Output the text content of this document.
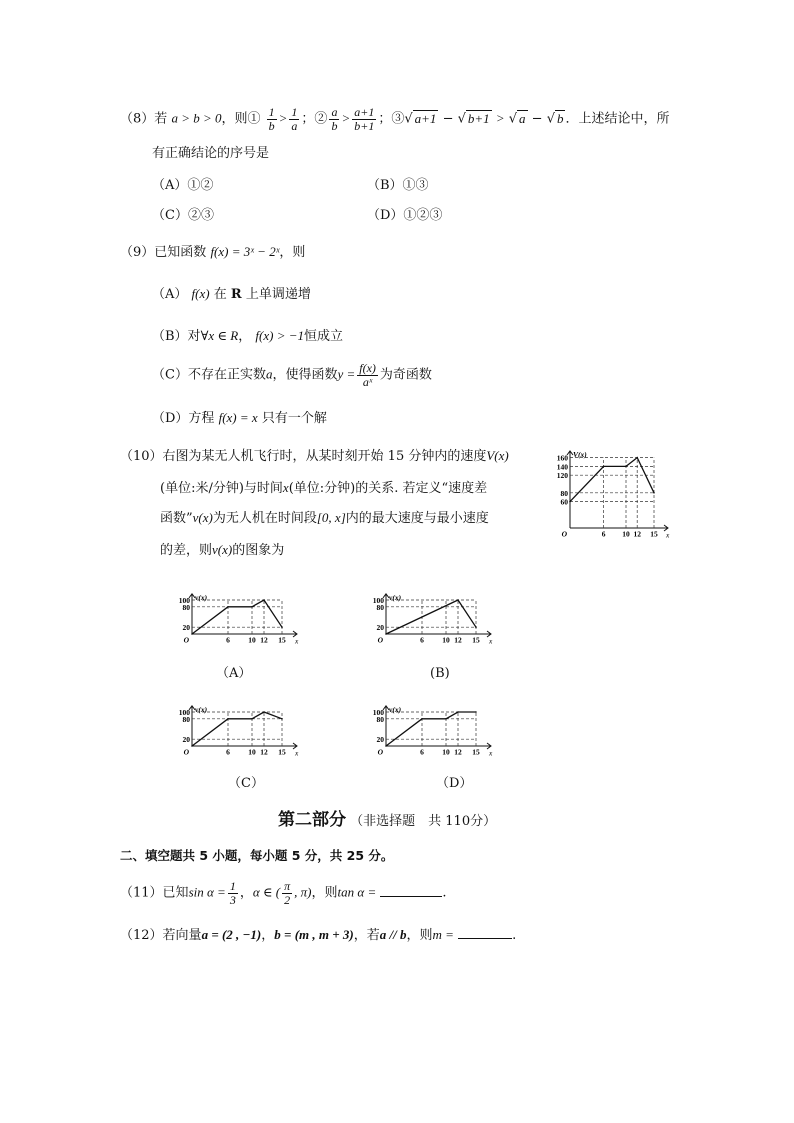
（8）若 a > b > 0，则① $\frac{1}{b} > \frac{1}{a}$ ；② $\frac{a}{b} > \frac{a+1}{b+1}$ ；③√ a+1 − √ b+1 > √ a − √ b ．上述结论中，所
有正确结论的序号是
（A）①②	（B）①③
（C）②③	（D）①②③
（9）已知函数 f(x) = 3ˣ − 2ˣ，则
（A） f(x) 在 R 上单调递增
（B）对∀x ∈ R， f(x) > −1恒成立
（C）不存在正实数a，使得函数$y = \frac{f(x)}{\text{aˣ}}$ 为奇函数
（D）方程 f(x) = x 只有一个解
（10）右图为某无人机飞行时，从某时刻开始 15 分钟内的速度V(x)
(单位:米/分钟)与时间x(单位:分钟)的关系. 若定义“速度差
函数”v(x)为无人机在时间段[0, x]内的最大速度与最小速度
的差，则v(x)的图象为
60
80
120
140
160
O	6 10 12 15 x
V(x)
20
80
100
O	6 10 12 15 x
v(x)
20
80
100
O	6 10 12 15 x
v(x)
20
80
100
O	6 10 12 15 x
v(x)
20
80
100
O	6 10 12 15 x
v(x)
（A）	(B)
（C）	（D）
第二部分 （非选择题　共 110分）
二、填空题共 5 小题，每小题 5 分，共 25 分。
（11）已知$\sin \alpha = \frac{1}{3}$ ，α ∈ ( $\frac{\pi}{2}$ , π)，则tan α =	.
（12）若向量a = (2 , −1)，b = (m , m + 3)，若a // b，则m =	.
